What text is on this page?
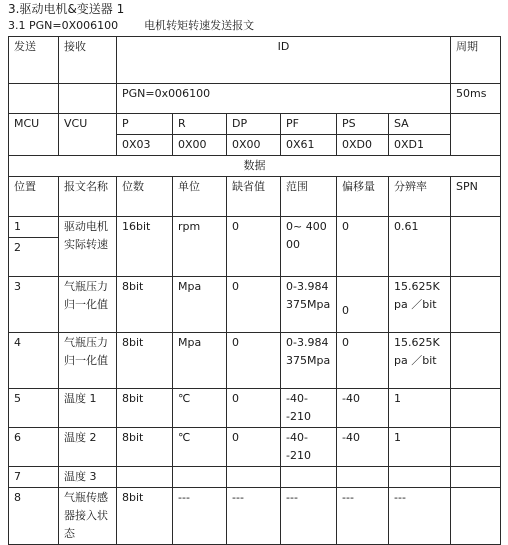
3.驱动电机&变送器 1
3.1 PGN=0X006100 电机转矩转速发送报文
发送	接收	ID						周期
		PGN=0x006100						50ms
MCU	VCU	P	R	DP	PF	PS	SA	
		0X03	0X00	0X00	0X61	0XD0	0XD1	
数据								
位置	报文名称	位数	单位	缺省值	范围	偏移量	分辨率	SPN
1	驱动电机实际转速	16bit	rpm	0	0~ 40000	0	0.61	
2								
3	气瓶压力归一化值	8bit	Mpa	0	0-3.984 375Mpa	0	15.625Kpa ／bit	
4	气瓶压力归一化值	8bit	Mpa	0	0-3.984 375Mpa	0	15.625Kpa ／bit	
5	温度 1	8bit	℃	0	-40--210	-40	1	
6	温度 2	8bit	℃	0	-40--210	-40	1	
7	温度 3							
8	气瓶传感器接入状态	8bit	---	---	---	---	---	
